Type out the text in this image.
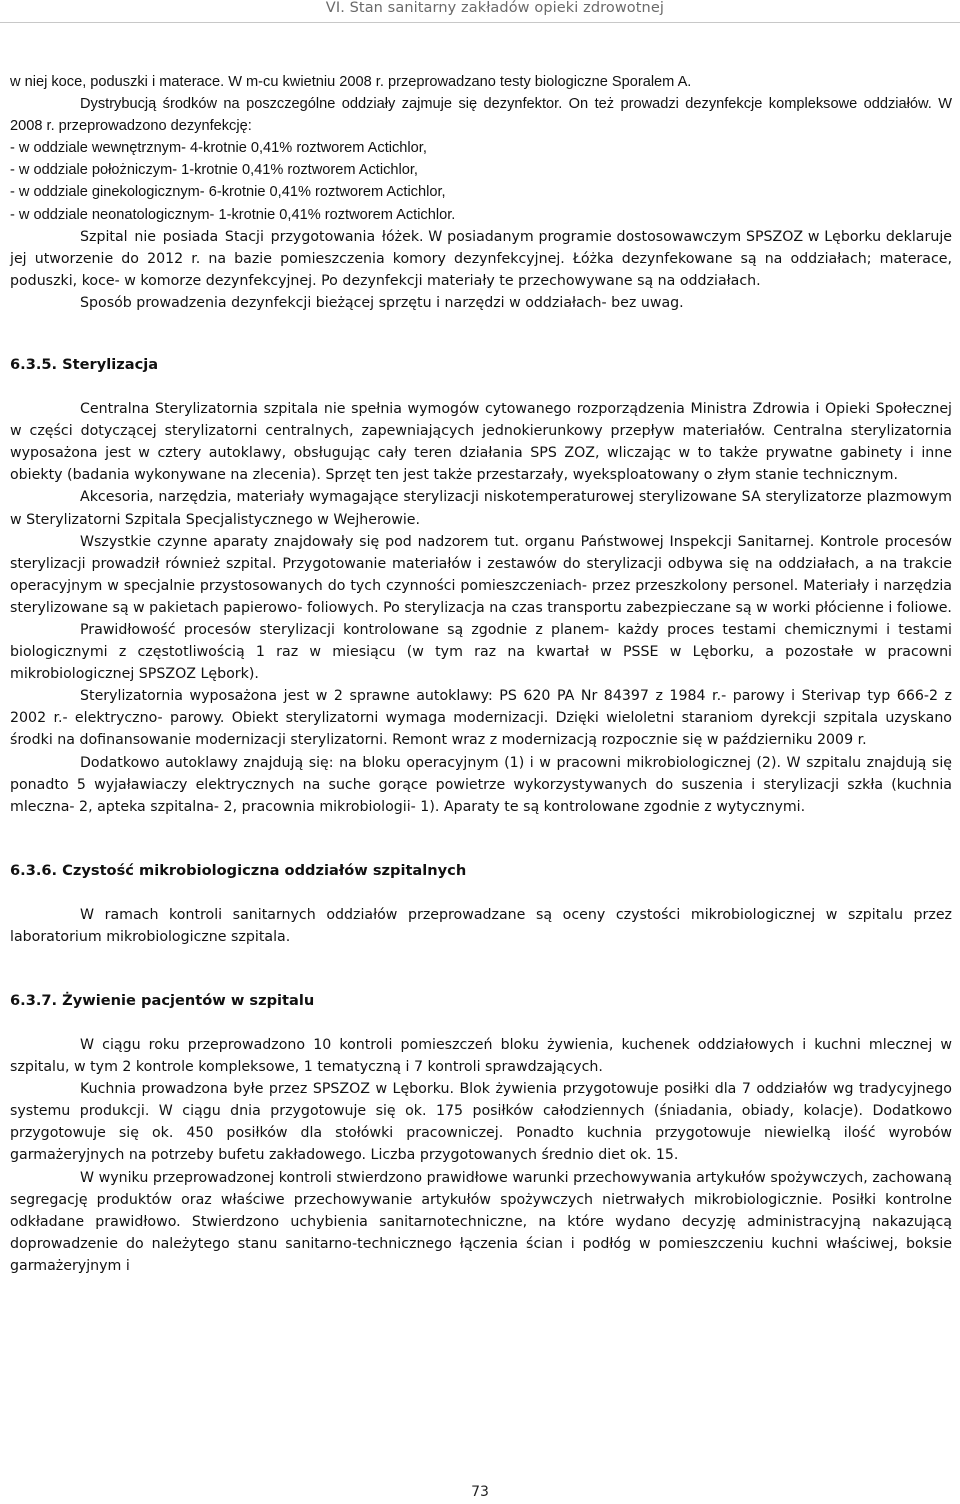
VI. Stan sanitarny zakładów opieki zdrowotnej

w niej koce, poduszki i materace. W m-cu kwietniu 2008 r. przeprowadzano testy biologiczne Sporalem A.

Dystrybucją środków na poszczególne oddziały zajmuje się dezynfektor. On też prowadzi dezynfekcje kompleksowe oddziałów. W 2008 r. przeprowadzono dezynfekcję:

- w oddziale wewnętrznym- 4-krotnie 0,41% roztworem Actichlor,

- w oddziale położniczym- 1-krotnie 0,41% roztworem Actichlor,

- w oddziale ginekologicznym- 6-krotnie 0,41% roztworem Actichlor,

- w oddziale neonatologicznym- 1-krotnie 0,41% roztworem Actichlor.

Szpital nie posiada Stacji przygotowania łóżek. W posiadanym programie dostosowawczym SPSZOZ w Lęborku deklaruje jej utworzenie do 2012 r. na bazie pomieszczenia komory dezynfekcyjnej. Łóżka dezynfekowane są na oddziałach; materace, poduszki, koce- w komorze dezynfekcyjnej. Po dezynfekcji materiały te przechowywane są na oddziałach.

Sposób prowadzenia dezynfekcji bieżącej sprzętu i narzędzi w oddziałach- bez uwag.

6.3.5. Sterylizacja

Centralna Sterylizatornia szpitala nie spełnia wymogów cytowanego rozporządzenia Ministra Zdrowia i Opieki Społecznej w części dotyczącej sterylizatorni centralnych, zapewniających jednokierunkowy przepływ materiałów. Centralna sterylizatornia wyposażona jest w cztery autoklawy, obsługując cały teren działania SPS ZOZ, wliczając w to także prywatne gabinety i inne obiekty (badania wykonywane na zlecenia). Sprzęt ten jest także przestarzały, wyeksploatowany o złym stanie technicznym.

Akcesoria, narzędzia, materiały wymagające sterylizacji niskotemperaturowej sterylizowane SA sterylizatorze plazmowym w Sterylizatorni Szpitala Specjalistycznego w Wejherowie.

Wszystkie czynne aparaty znajdowały się pod nadzorem tut. organu Państwowej Inspekcji Sanitarnej. Kontrole procesów sterylizacji prowadził również szpital. Przygotowanie materiałów i zestawów do sterylizacji odbywa się na oddziałach, a na trakcie operacyjnym w specjalnie przystosowanych do tych czynności pomieszczeniach- przez przeszkolony personel. Materiały i narzędzia sterylizowane są w pakietach papierowo- foliowych. Po sterylizacja na czas transportu zabezpieczane są w worki płócienne i foliowe.

Prawidłowość procesów sterylizacji kontrolowane są zgodnie z planem- każdy proces testami chemicznymi i testami biologicznymi z częstotliwością 1 raz w miesiącu (w tym raz na kwartał w PSSE w Lęborku, a pozostałe w pracowni mikrobiologicznej SPSZOZ Lębork).

Sterylizatornia wyposażona jest w 2 sprawne autoklawy: PS 620 PA Nr 84397 z 1984 r.- parowy i Sterivap typ 666-2 z 2002 r.- elektryczno- parowy. Obiekt sterylizatorni wymaga modernizacji. Dzięki wieloletni staraniom dyrekcji szpitala uzyskano środki na dofinansowanie modernizacji sterylizatorni. Remont wraz z modernizacją rozpocznie się w październiku 2009 r.

Dodatkowo autoklawy znajdują się: na bloku operacyjnym (1) i w pracowni mikrobiologicznej (2). W szpitalu znajdują się ponadto 5 wyjaławiaczy elektrycznych na suche gorące powietrze wykorzystywanych do suszenia i sterylizacji szkła (kuchnia mleczna- 2, apteka szpitalna- 2, pracownia mikrobiologii- 1). Aparaty te są kontrolowane zgodnie z wytycznymi.

6.3.6. Czystość mikrobiologiczna oddziałów szpitalnych

W ramach kontroli sanitarnych oddziałów przeprowadzane są oceny czystości mikrobiologicznej w szpitalu przez laboratorium mikrobiologiczne szpitala.

6.3.7. Żywienie pacjentów w szpitalu

W ciągu roku przeprowadzono 10 kontroli pomieszczeń bloku żywienia, kuchenek oddziałowych i kuchni mlecznej w szpitalu, w tym 2 kontrole kompleksowe, 1 tematyczną i 7 kontroli sprawdzających.

Kuchnia prowadzona byłe przez SPSZOZ w Lęborku. Blok żywienia przygotowuje posiłki dla 7 oddziałów wg tradycyjnego systemu produkcji. W ciągu dnia przygotowuje się ok. 175 posiłków całodziennych (śniadania, obiady, kolacje). Dodatkowo przygotowuje się ok. 450 posiłków dla stołówki pracowniczej. Ponadto kuchnia przygotowuje niewielką ilość wyrobów garmażeryjnych na potrzeby bufetu zakładowego. Liczba przygotowanych średnio diet ok. 15.

W wyniku przeprowadzonej kontroli stwierdzono prawidłowe warunki przechowywania artykułów spożywczych, zachowaną segregację produktów oraz właściwe przechowywanie artykułów spożywczych nietrwałych mikrobiologicznie. Posiłki kontrolne odkładane prawidłowo. Stwierdzono uchybienia sanitarnotechniczne, na które wydano decyzję administracyjną nakazującą doprowadzenie do należytego stanu sanitarno-technicznego łączenia ścian i podłóg w pomieszczeniu kuchni właściwej, boksie garmażeryjnym i

73
